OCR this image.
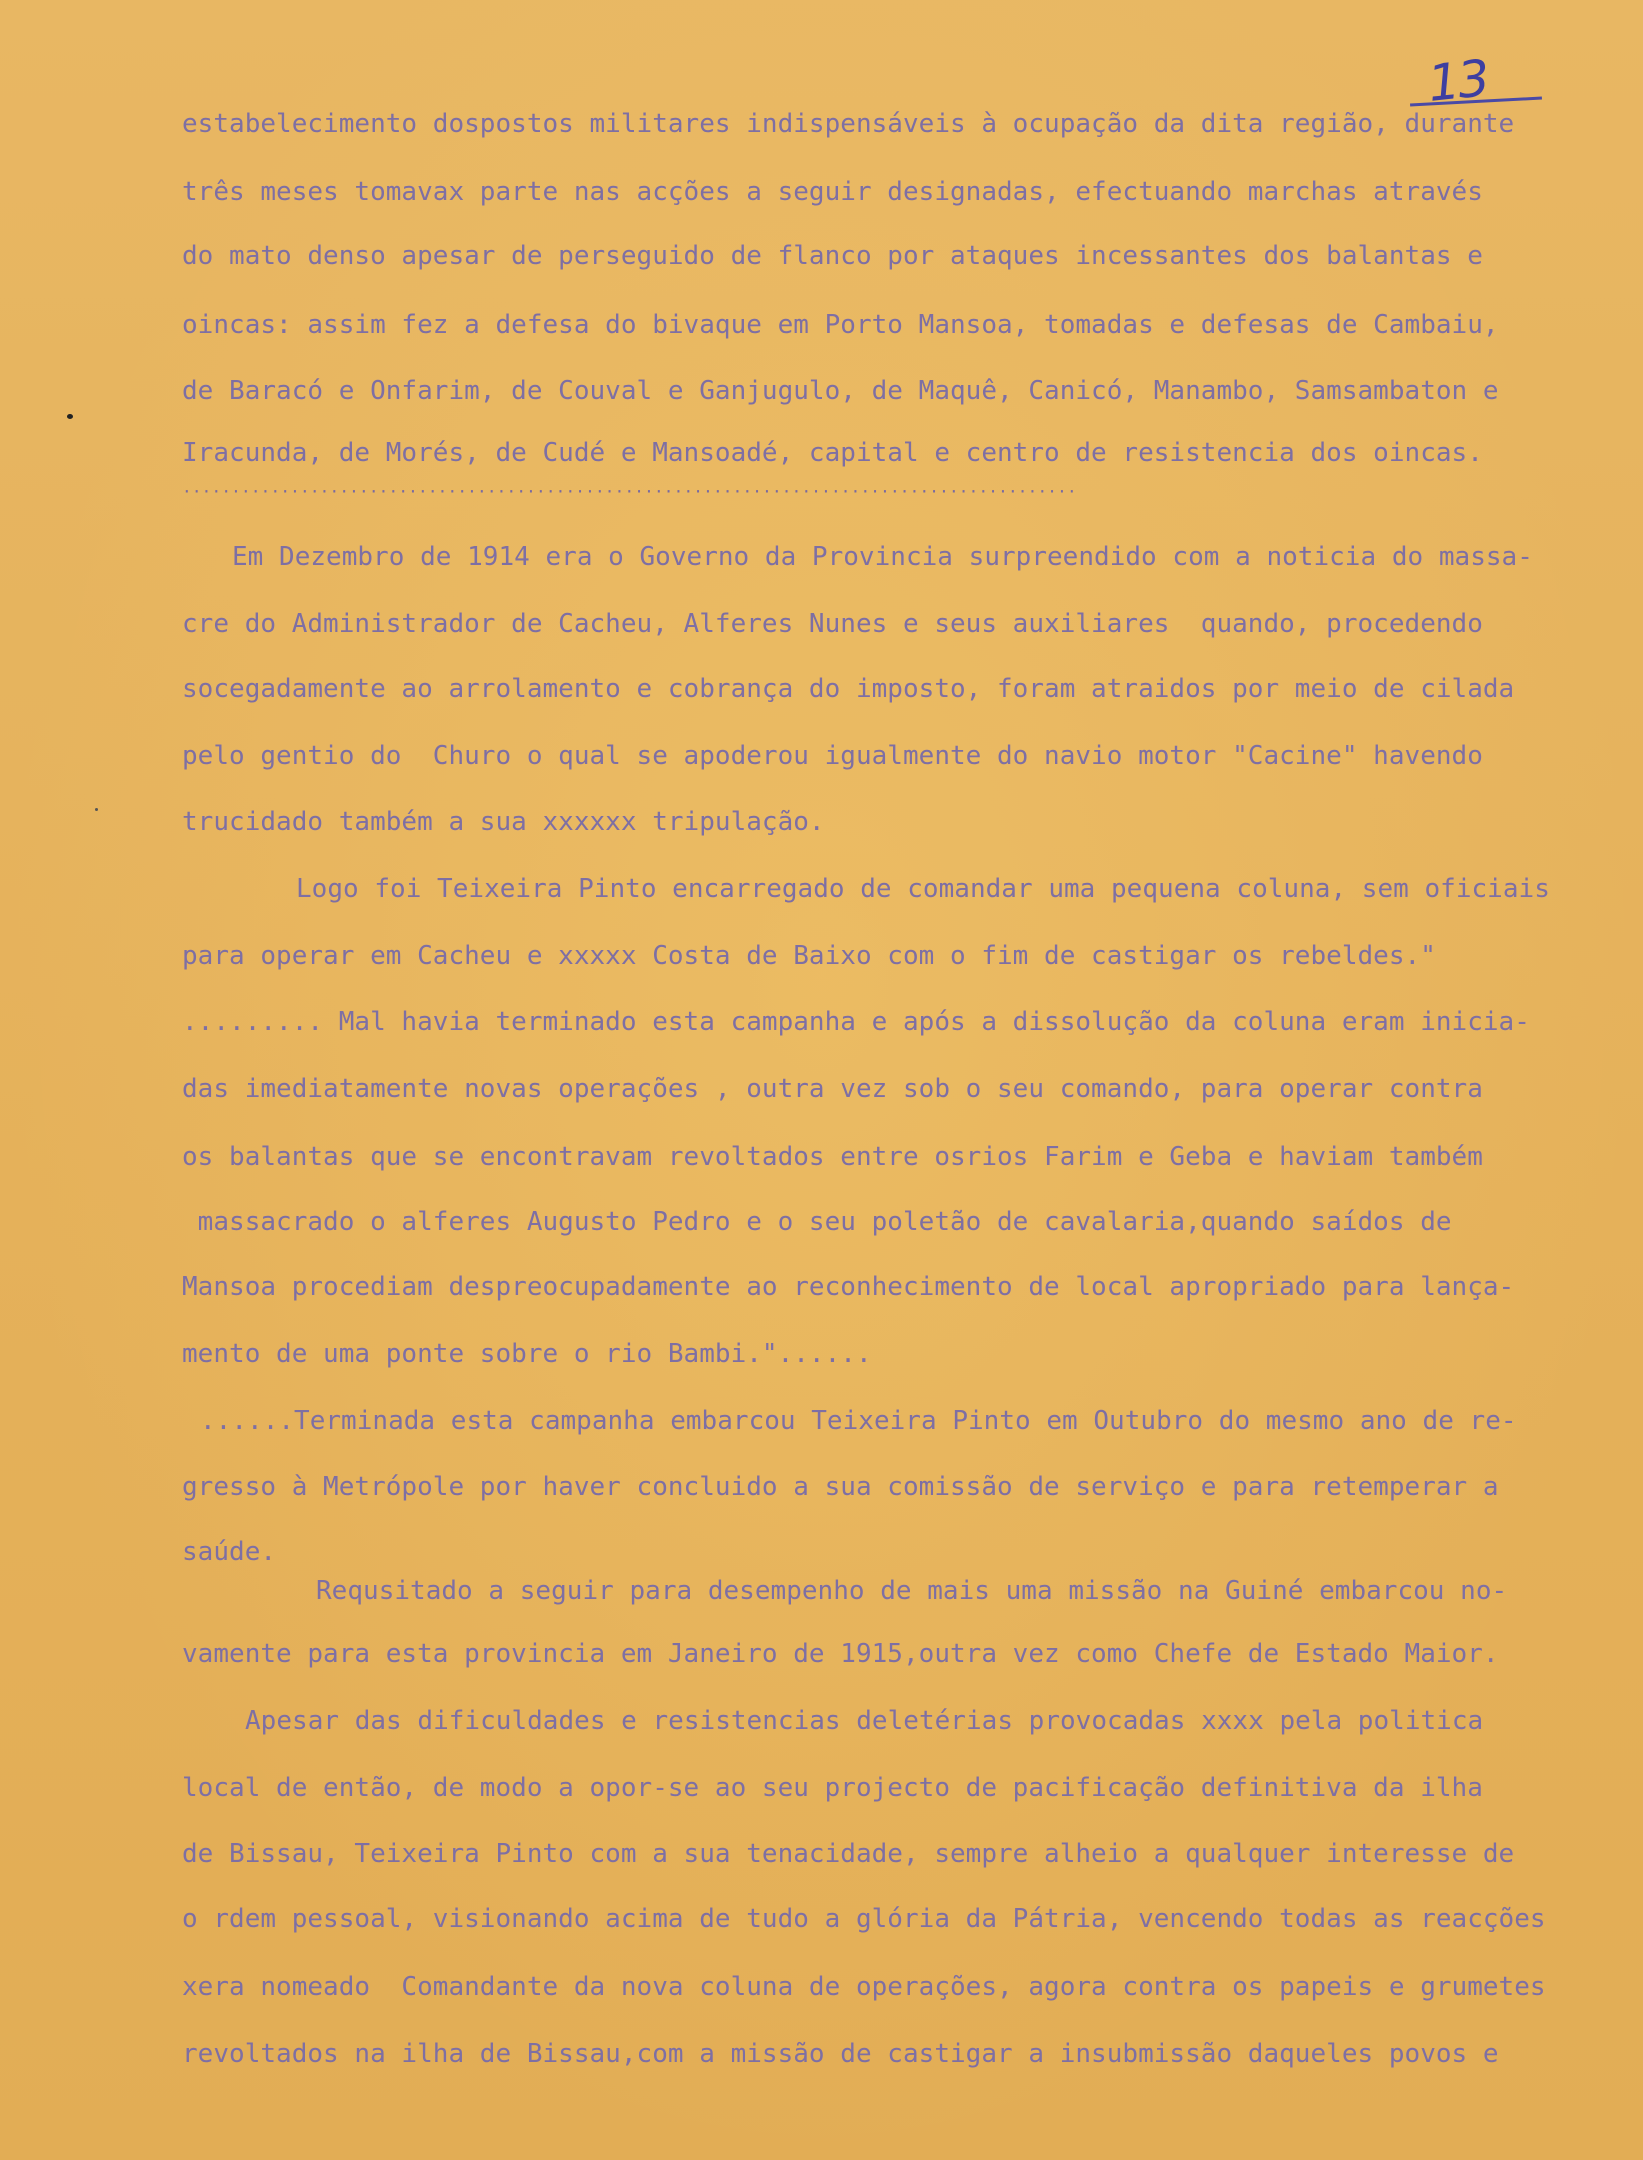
13
estabelecimento dospostos militares indispensáveis à ocupação da dita região, durante
três meses tomavax parte nas acções a seguir designadas, efectuando marchas através
do mato denso apesar de perseguido de flanco por ataques incessantes dos balantas e
oincas: assim fez a defesa do bivaque em Porto Mansoa, tomadas e defesas de Cambaiu,
de Baracó e Onfarim, de Couval e Ganjugulo, de Maquê, Canicó, Manambo, Samsambaton e
Iracunda, de Morés, de Cudé e Mansoadé, capital e centro de resistencia dos oincas.
···························································································
Em Dezembro de 1914 era o Governo da Provincia surpreendido com a noticia do massa-
cre do Administrador de Cacheu, Alferes Nunes e seus auxiliares  quando, procedendo
socegadamente ao arrolamento e cobrança do imposto, foram atraidos por meio de cilada
pelo gentio do  Churo o qual se apoderou igualmente do navio motor "Cacine" havendo
trucidado também a sua xxxxxx tripulação.
Logo foi Teixeira Pinto encarregado de comandar uma pequena coluna, sem oficiais
para operar em Cacheu e xxxxx Costa de Baixo com o fim de castigar os rebeldes."
......... Mal havia terminado esta campanha e após a dissolução da coluna eram inicia-
das imediatamente novas operações , outra vez sob o seu comando, para operar contra
os balantas que se encontravam revoltados entre osrios Farim e Geba e haviam também
massacrado o alferes Augusto Pedro e o seu poletão de cavalaria,quando saídos de
Mansoa procediam despreocupadamente ao reconhecimento de local apropriado para lança-
mento de uma ponte sobre o rio Bambi."......
......Terminada esta campanha embarcou Teixeira Pinto em Outubro do mesmo ano de re-
gresso à Metrópole por haver concluido a sua comissão de serviço e para retemperar a
saúde.
Requsitado a seguir para desempenho de mais uma missão na Guiné embarcou no-
vamente para esta provincia em Janeiro de 1915,outra vez como Chefe de Estado Maior.
Apesar das dificuldades e resistencias deletérias provocadas xxxx pela politica
local de então, de modo a opor-se ao seu projecto de pacificação definitiva da ilha
de Bissau, Teixeira Pinto com a sua tenacidade, sempre alheio a qualquer interesse de
o rdem pessoal, visionando acima de tudo a glória da Pátria, vencendo todas as reacções
xera nomeado  Comandante da nova coluna de operações, agora contra os papeis e grumetes
revoltados na ilha de Bissau,com a missão de castigar a insubmissão daqueles povos e
